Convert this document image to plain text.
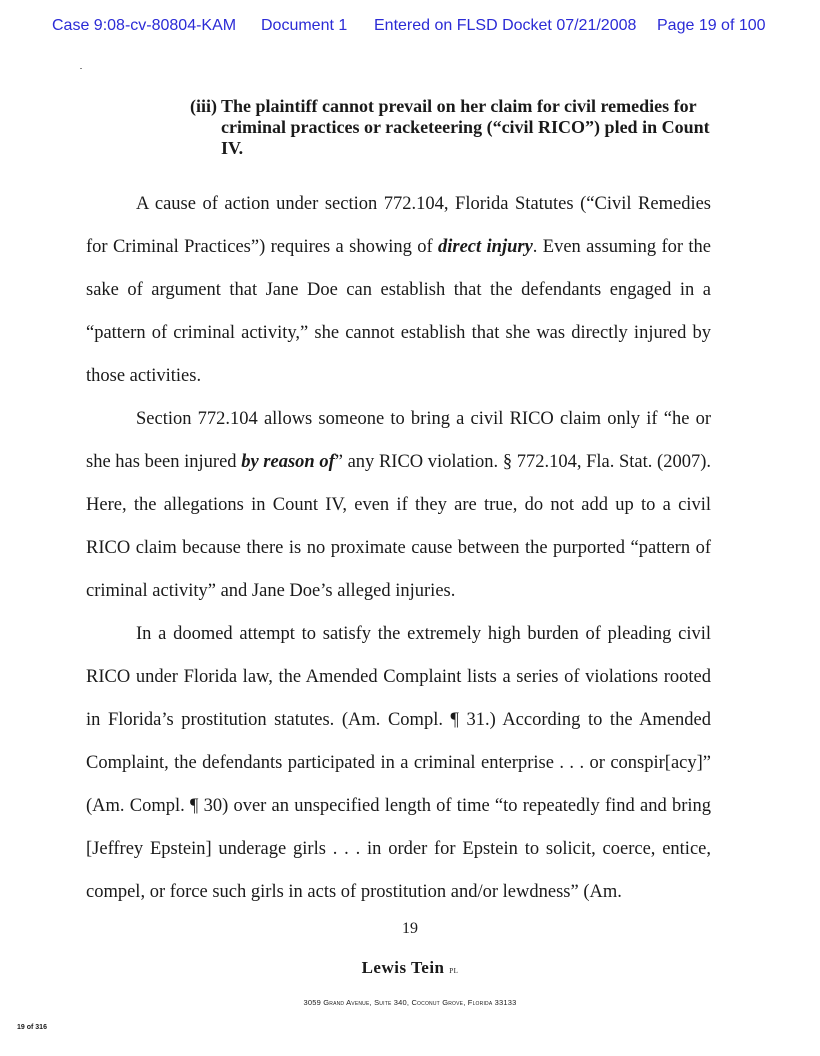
Case 9:08-cv-80804-KAM Document 1 Entered on FLSD Docket 07/21/2008 Page 19 of 100
(iii) The plaintiff cannot prevail on her claim for civil remedies for criminal practices or racketeering (“civil RICO”) pled in Count IV.

A cause of action under section 772.104, Florida Statutes (“Civil Remedies for Criminal Practices”) requires a showing of direct injury. Even assuming for the sake of argument that Jane Doe can establish that the defendants engaged in a “pattern of criminal activity,” she cannot establish that she was directly injured by those activities.

Section 772.104 allows someone to bring a civil RICO claim only if “he or she has been injured by reason of” any RICO violation. § 772.104, Fla. Stat. (2007). Here, the allegations in Count IV, even if they are true, do not add up to a civil RICO claim because there is no proximate cause between the purported “pattern of criminal activity” and Jane Doe’s alleged injuries.

In a doomed attempt to satisfy the extremely high burden of pleading civil RICO under Florida law, the Amended Complaint lists a series of violations rooted in Florida’s prostitution statutes. (Am. Compl. ¶ 31.) According to the Amended Complaint, the defendants participated in a criminal enterprise . . . or conspir[acy]” (Am. Compl. ¶ 30) over an unspecified length of time “to repeatedly find and bring [Jeffrey Epstein] underage girls . . . in order for Epstein to solicit, coerce, entice, compel, or force such girls in acts of prostitution and/or lewdness” (Am.

19
Lewis Tein PL
3059 Grand Avenue, Suite 340, Coconut Grove, Florida 33133
19 of 316
